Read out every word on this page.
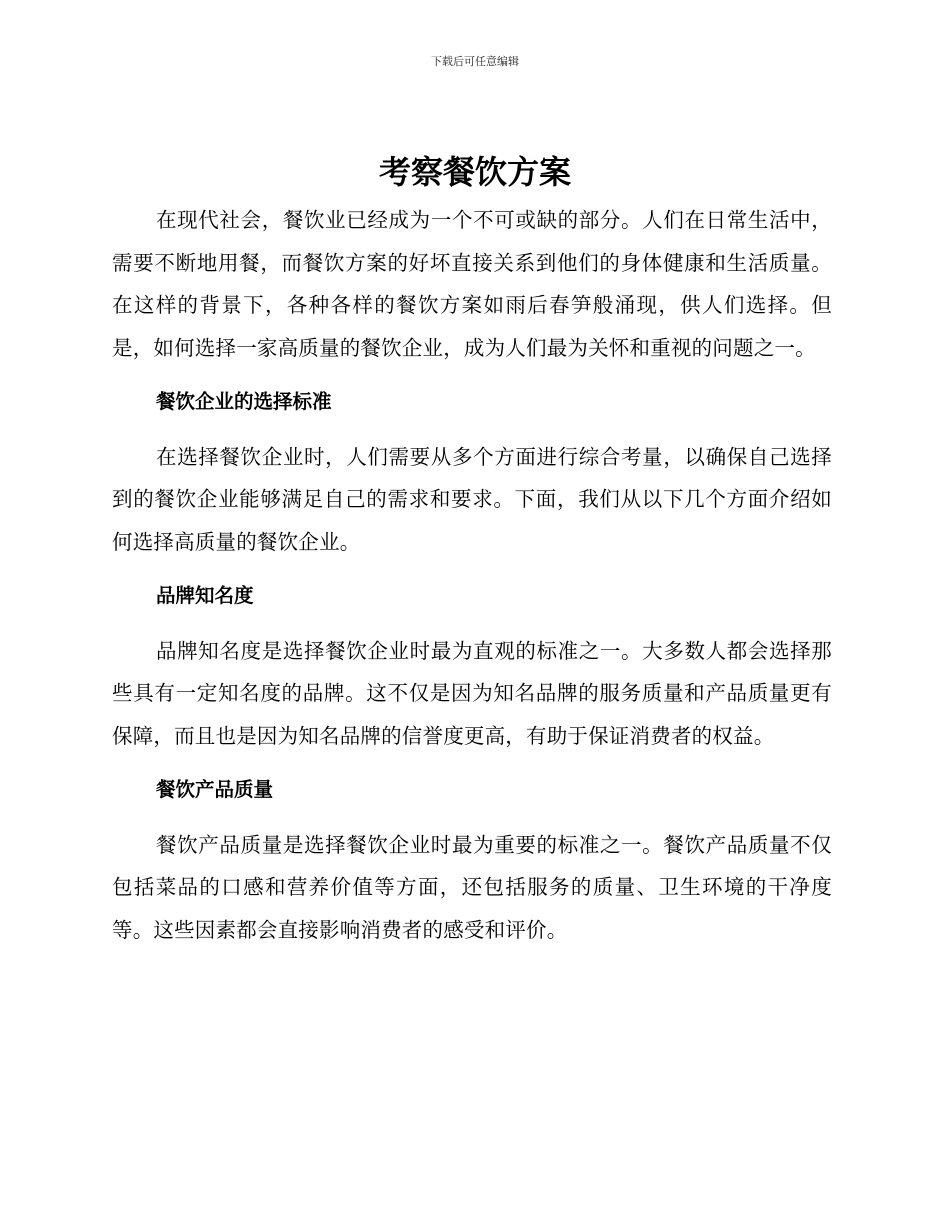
下载后可任意编辑
考察餐饮方案

在现代社会，餐饮业已经成为一个不可或缺的部分。人们在日常生活中，需要不断地用餐，而餐饮方案的好坏直接关系到他们的身体健康和生活质量。在这样的背景下，各种各样的餐饮方案如雨后春笋般涌现，供人们选择。但是，如何选择一家高质量的餐饮企业，成为人们最为关怀和重视的问题之一。

餐饮企业的选择标准

在选择餐饮企业时，人们需要从多个方面进行综合考量，以确保自己选择到的餐饮企业能够满足自己的需求和要求。下面，我们从以下几个方面介绍如何选择高质量的餐饮企业。

品牌知名度

品牌知名度是选择餐饮企业时最为直观的标准之一。大多数人都会选择那些具有一定知名度的品牌。这不仅是因为知名品牌的服务质量和产品质量更有保障，而且也是因为知名品牌的信誉度更高，有助于保证消费者的权益。

餐饮产品质量

餐饮产品质量是选择餐饮企业时最为重要的标准之一。餐饮产品质量不仅包括菜品的口感和营养价值等方面，还包括服务的质量、卫生环境的干净度等。这些因素都会直接影响消费者的感受和评价。
